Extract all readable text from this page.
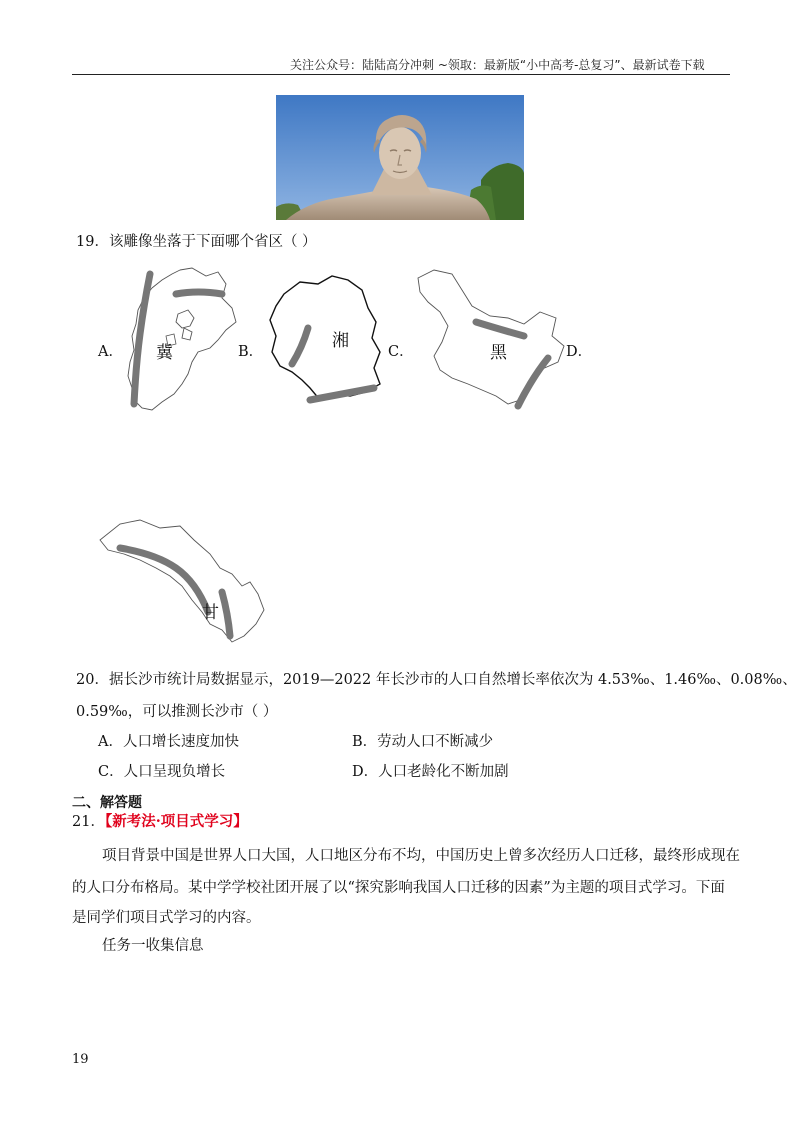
关注公众号：陆陆高分冲刺 ~领取：最新版“小中高考-总复习”、最新试卷下载
19．该雕像坐落于下面哪个省区（ ）
A． 冀	B．
湘
C．	黑	D．
甘
20．据长沙市统计局数据显示，2019—2022 年长沙市的人口自然增长率依次为 4.53‰、1.46‰、0.08‰、
0.59‰，可以推测长沙市（ ）
A．人口增长速度加快	B．劳动人口不断减少
C．人口呈现负增长	D．人口老龄化不断加剧
二、解答题
21．【新考法·项目式学习】
项目背景中国是世界人口大国，人口地区分布不均，中国历史上曾多次经历人口迁移，最终形成现在
的人口分布格局。某中学学校社团开展了以“探究影响我国人口迁移的因素”为主题的项目式学习。下面
是同学们项目式学习的内容。
任务一收集信息
19
